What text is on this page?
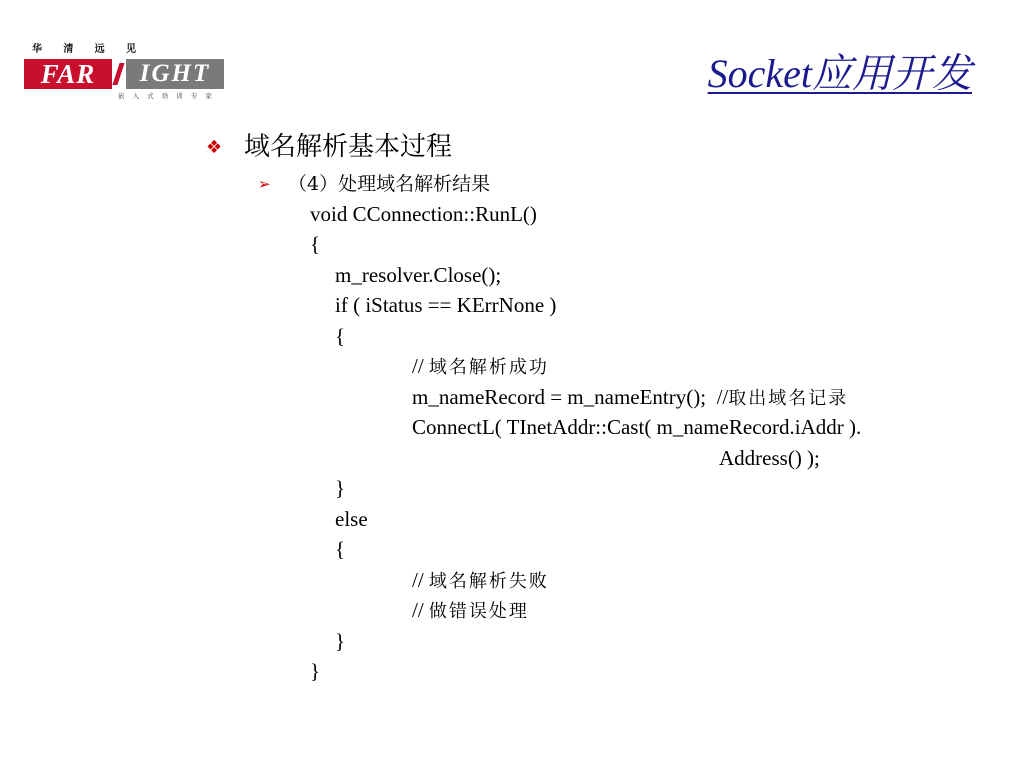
华 清 远 见
FAR	IGHT
嵌 入 式 培 训 专 家	Socket应用开发
❖ 域名解析基本过程
➢ （4）处理域名解析结果
void CConnection::RunL()
{
m_resolver.Close();
if ( iStatus == KErrNone )
{
// 域名解析成功
m_nameRecord = m_nameEntry();  //取出域名记录
ConnectL( TInetAddr::Cast( m_nameRecord.iAddr ).
Address() );
}
else
{
// 域名解析失败
// 做错误处理
}
}
